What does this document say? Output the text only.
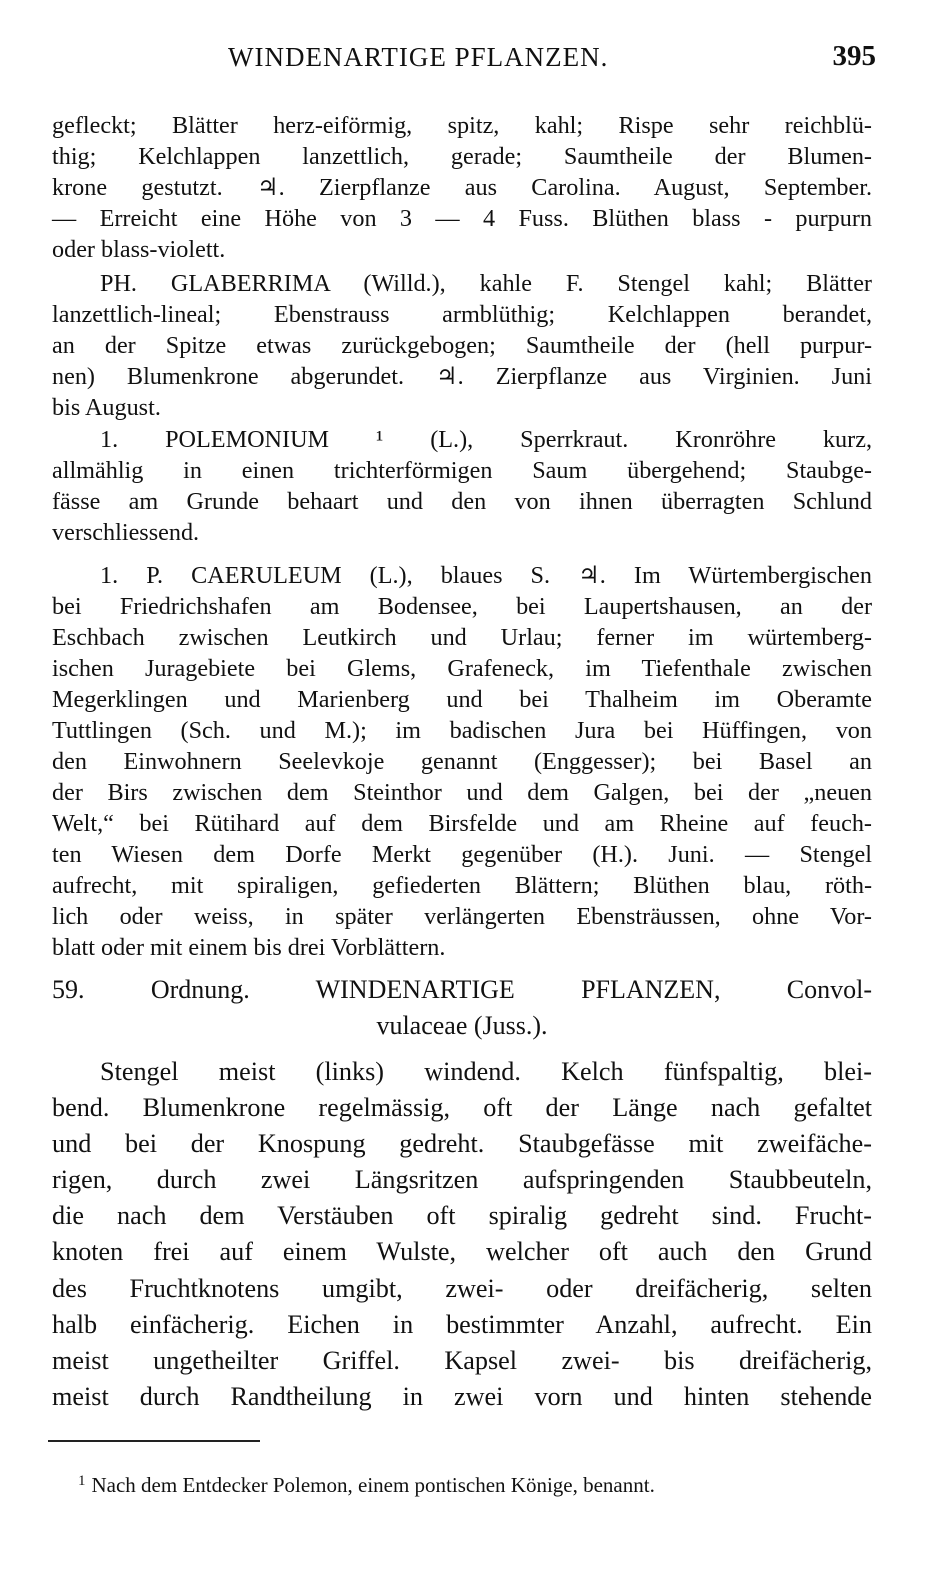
WINDENARTIGE PFLANZEN.	395
gefleckt; Blätter herz-eiförmig, spitz, kahl; Rispe sehr reichblü-
thig; Kelchlappen lanzettlich, gerade; Saumtheile der Blumen-
krone gestutzt. ♃. Zierpflanze aus Carolina. August, September.
— Erreicht eine Höhe von 3 — 4 Fuss. Blüthen blass - purpurn
oder blass-violett.
PH. GLABERRIMA (Willd.), kahle F. Stengel kahl; Blätter
lanzettlich-lineal; Ebenstrauss armblüthig; Kelchlappen berandet,
an der Spitze etwas zurückgebogen; Saumtheile der (hell purpur-
nen) Blumenkrone abgerundet. ♃. Zierpflanze aus Virginien. Juni
bis August.
1. POLEMONIUM ¹ (L.), Sperrkraut. Kronröhre kurz,
allmählig in einen trichterförmigen Saum übergehend; Staubge-
fässe am Grunde behaart und den von ihnen überragten Schlund
verschliessend.
1. P. CAERULEUM (L.), blaues S. ♃. Im Würtembergischen
bei Friedrichshafen am Bodensee, bei Laupertshausen, an der
Eschbach zwischen Leutkirch und Urlau; ferner im würtemberg-
ischen Juragebiete bei Glems, Grafeneck, im Tiefenthale zwischen
Megerklingen und Marienberg und bei Thalheim im Oberamte
Tuttlingen (Sch. und M.); im badischen Jura bei Hüffingen, von
den Einwohnern Seelevkoje genannt (Enggesser); bei Basel an
der Birs zwischen dem Steinthor und dem Galgen, bei der „neuen
Welt,“ bei Rütihard auf dem Birsfelde und am Rheine auf feuch-
ten Wiesen dem Dorfe Merkt gegenüber (H.). Juni. — Stengel
aufrecht, mit spiraligen, gefiederten Blättern; Blüthen blau, röth-
lich oder weiss, in später verlängerten Ebensträussen, ohne Vor-
blatt oder mit einem bis drei Vorblättern.
59. Ordnung. WINDENARTIGE PFLANZEN, Convol-
vulaceae (Juss.).
Stengel meist (links) windend. Kelch fünfspaltig, blei-
bend. Blumenkrone regelmässig, oft der Länge nach gefaltet
und bei der Knospung gedreht. Staubgefässe mit zweifäche-
rigen, durch zwei Längsritzen aufspringenden Staubbeuteln,
die nach dem Verstäuben oft spiralig gedreht sind. Frucht-
knoten frei auf einem Wulste, welcher oft auch den Grund
des Fruchtknotens umgibt, zwei- oder dreifächerig, selten
halb einfächerig. Eichen in bestimmter Anzahl, aufrecht. Ein
meist ungetheilter Griffel. Kapsel zwei- bis dreifächerig,
meist durch Randtheilung in zwei vorn und hinten stehende
$^1$ Nach dem Entdecker Polemon, einem pontischen Könige, benannt.
